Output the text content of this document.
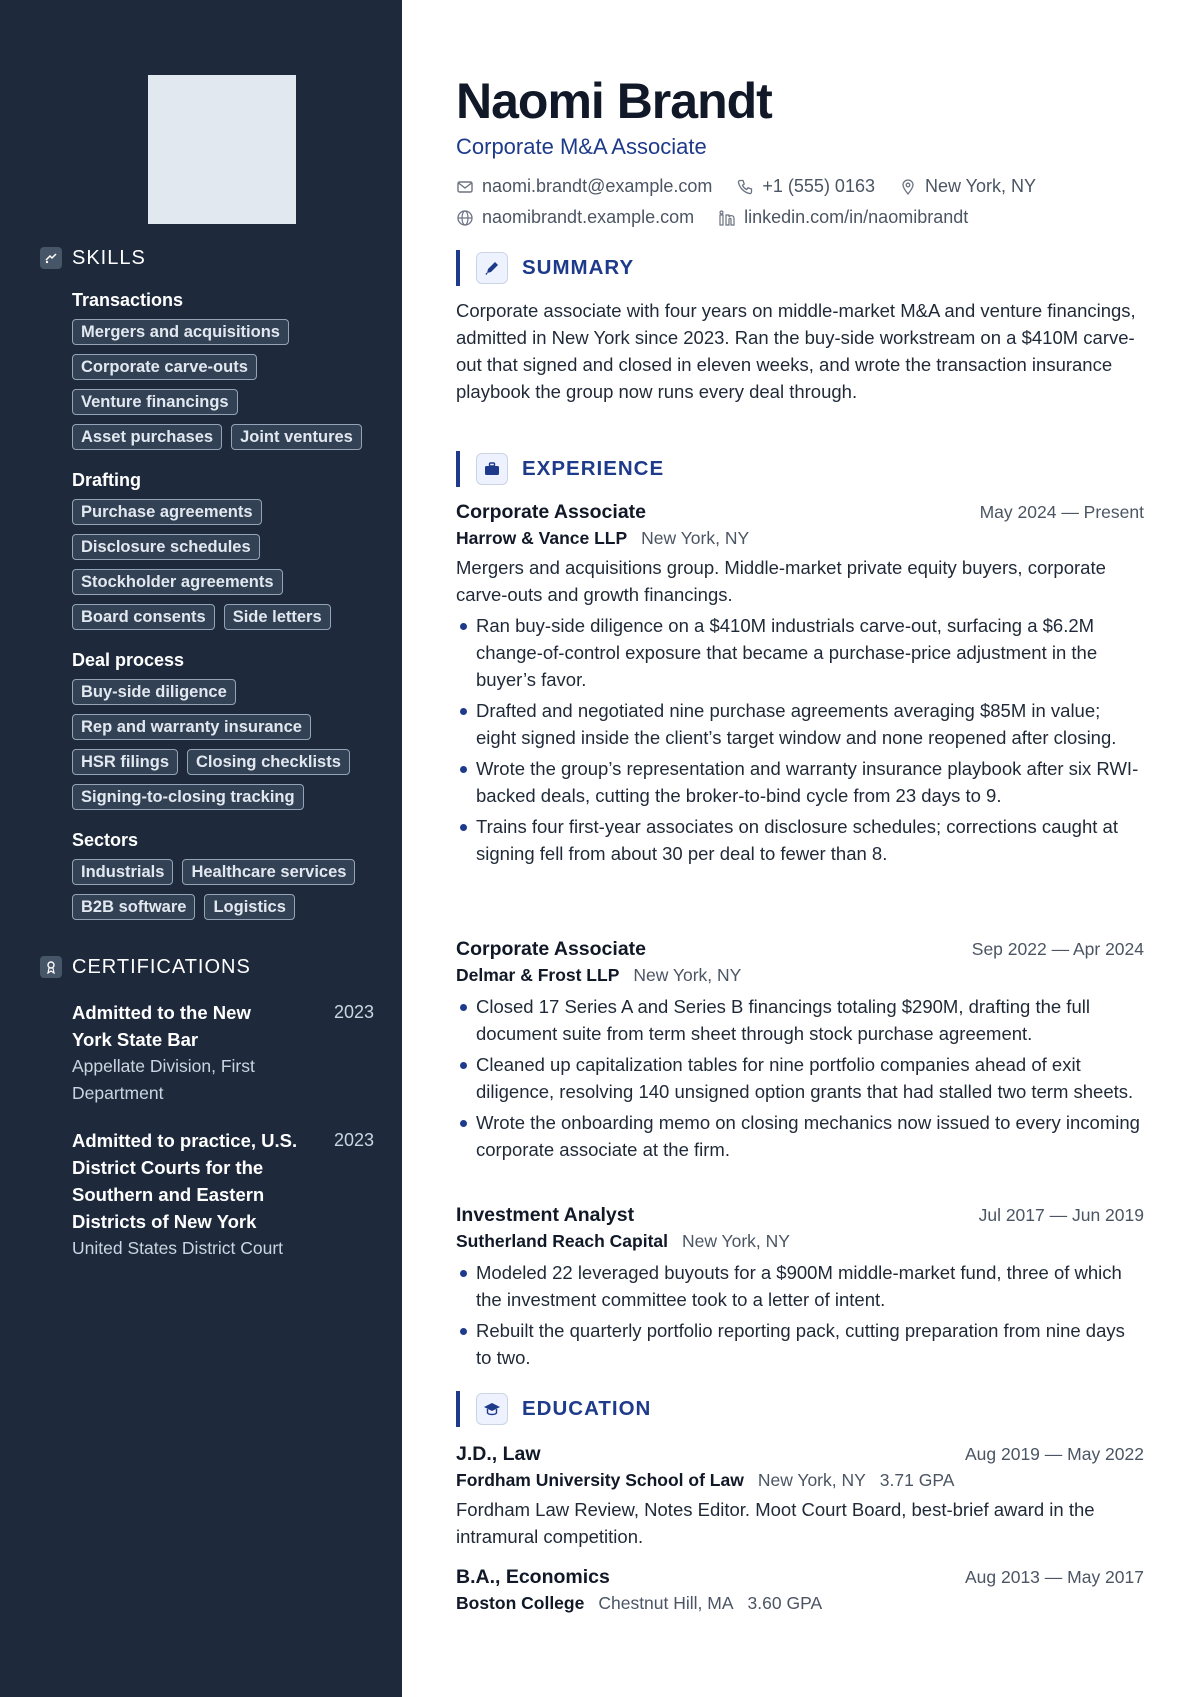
SKILLS
Transactions
Mergers and acquisitions
Corporate carve-outs
Venture financings
Asset purchases	Joint ventures
Drafting
Purchase agreements
Disclosure schedules
Stockholder agreements
Board consents	Side letters
Deal process
Buy-side diligence
Rep and warranty insurance
HSR filings	Closing checklists
Signing-to-closing tracking
Sectors
Industrials	Healthcare services
B2B software	Logistics
CERTIFICATIONS
Admitted to the New York State Bar
Appellate Division, First Department
2023
Admitted to practice, U.S. District Courts for the Southern and Eastern Districts of New York
United States District Court
2023
Naomi Brandt
Corporate M&A Associate
naomi.brandt@example.com	+1 (555) 0163	New York, NY
naomibrandt.example.com	linkedin.com/in/naomibrandt
SUMMARY
Corporate associate with four years on middle-market M&A and venture financings, admitted in New York since 2023. Ran the buy-side workstream on a $410M carve-out that signed and closed in eleven weeks, and wrote the transaction insurance playbook the group now runs every deal through.
EXPERIENCE
Corporate Associate	May 2024 — Present
Harrow & Vance LLP New York, NY
Mergers and acquisitions group. Middle-market private equity buyers, corporate carve-outs and growth financings.
Ran buy-side diligence on a $410M industrials carve-out, surfacing a $6.2M change-of-control exposure that became a purchase-price adjustment in the buyer’s favor.
Drafted and negotiated nine purchase agreements averaging $85M in value; eight signed inside the client’s target window and none reopened after closing.
Wrote the group’s representation and warranty insurance playbook after six RWI-backed deals, cutting the broker-to-bind cycle from 23 days to 9.
Trains four first-year associates on disclosure schedules; corrections caught at signing fell from about 30 per deal to fewer than 8.
Corporate Associate	Sep 2022 — Apr 2024
Delmar & Frost LLP New York, NY
Closed 17 Series A and Series B financings totaling $290M, drafting the full document suite from term sheet through stock purchase agreement.
Cleaned up capitalization tables for nine portfolio companies ahead of exit diligence, resolving 140 unsigned option grants that had stalled two term sheets.
Wrote the onboarding memo on closing mechanics now issued to every incoming corporate associate at the firm.
Investment Analyst	Jul 2017 — Jun 2019
Sutherland Reach Capital New York, NY
Modeled 22 leveraged buyouts for a $900M middle-market fund, three of which the investment committee took to a letter of intent.
Rebuilt the quarterly portfolio reporting pack, cutting preparation from nine days to two.
EDUCATION
J.D., Law	Aug 2019 — May 2022
Fordham University School of Law New York, NY 3.71 GPA
Fordham Law Review, Notes Editor. Moot Court Board, best-brief award in the intramural competition.
B.A., Economics	Aug 2013 — May 2017
Boston College Chestnut Hill, MA 3.60 GPA
